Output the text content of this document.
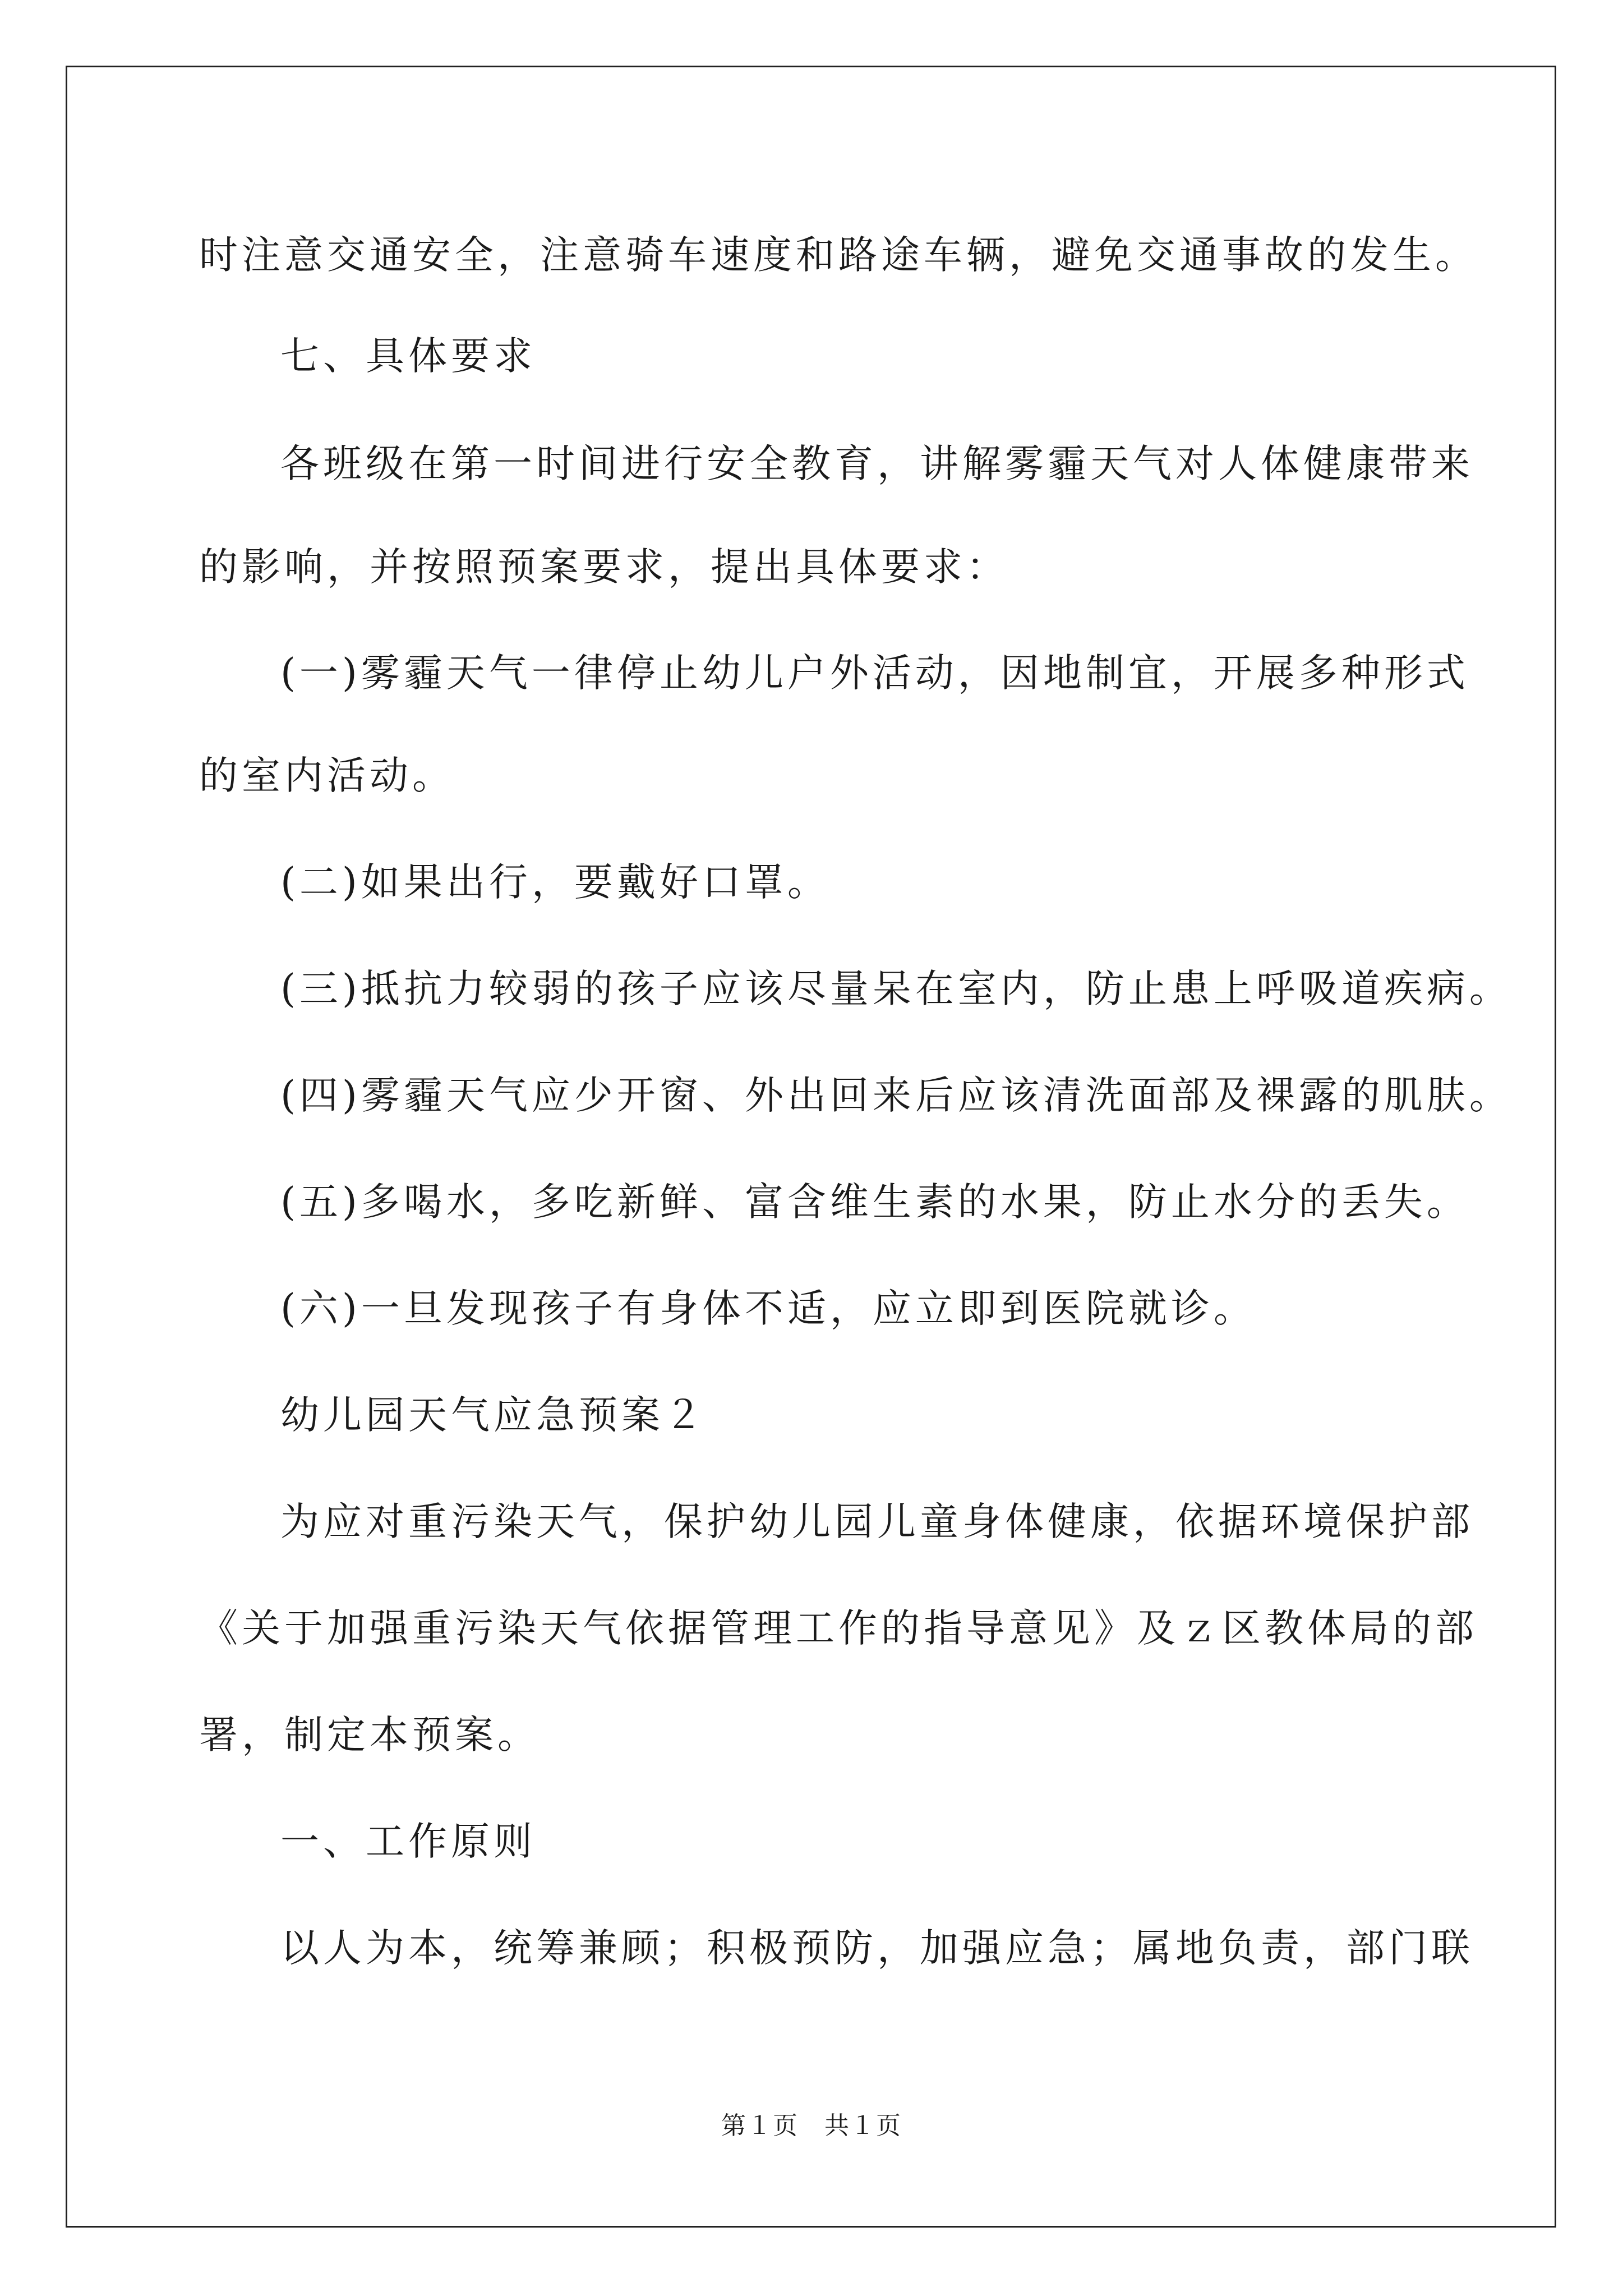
时注意交通安全，注意骑车速度和路途车辆，避免交通事故的发生。
七、具体要求
各班级在第一时间进行安全教育，讲解雾霾天气对人体健康带来
的影响，并按照预案要求，提出具体要求：
(一)雾霾天气一律停止幼儿户外活动，因地制宜，开展多种形式
的室内活动。
(二)如果出行，要戴好口罩。
(三)抵抗力较弱的孩子应该尽量呆在室内，防止患上呼吸道疾病。
(四)雾霾天气应少开窗、外出回来后应该清洗面部及裸露的肌肤。
(五)多喝水，多吃新鲜、富含维生素的水果，防止水分的丢失。
(六)一旦发现孩子有身体不适，应立即到医院就诊。
幼儿园天气应急预案２
为应对重污染天气，保护幼儿园儿童身体健康，依据环境保护部
《关于加强重污染天气依据管理工作的指导意见》及ｚ区教体局的部
署，制定本预案。
一、工作原则
以人为本，统筹兼顾；积极预防，加强应急；属地负责，部门联
第１页　共１页
